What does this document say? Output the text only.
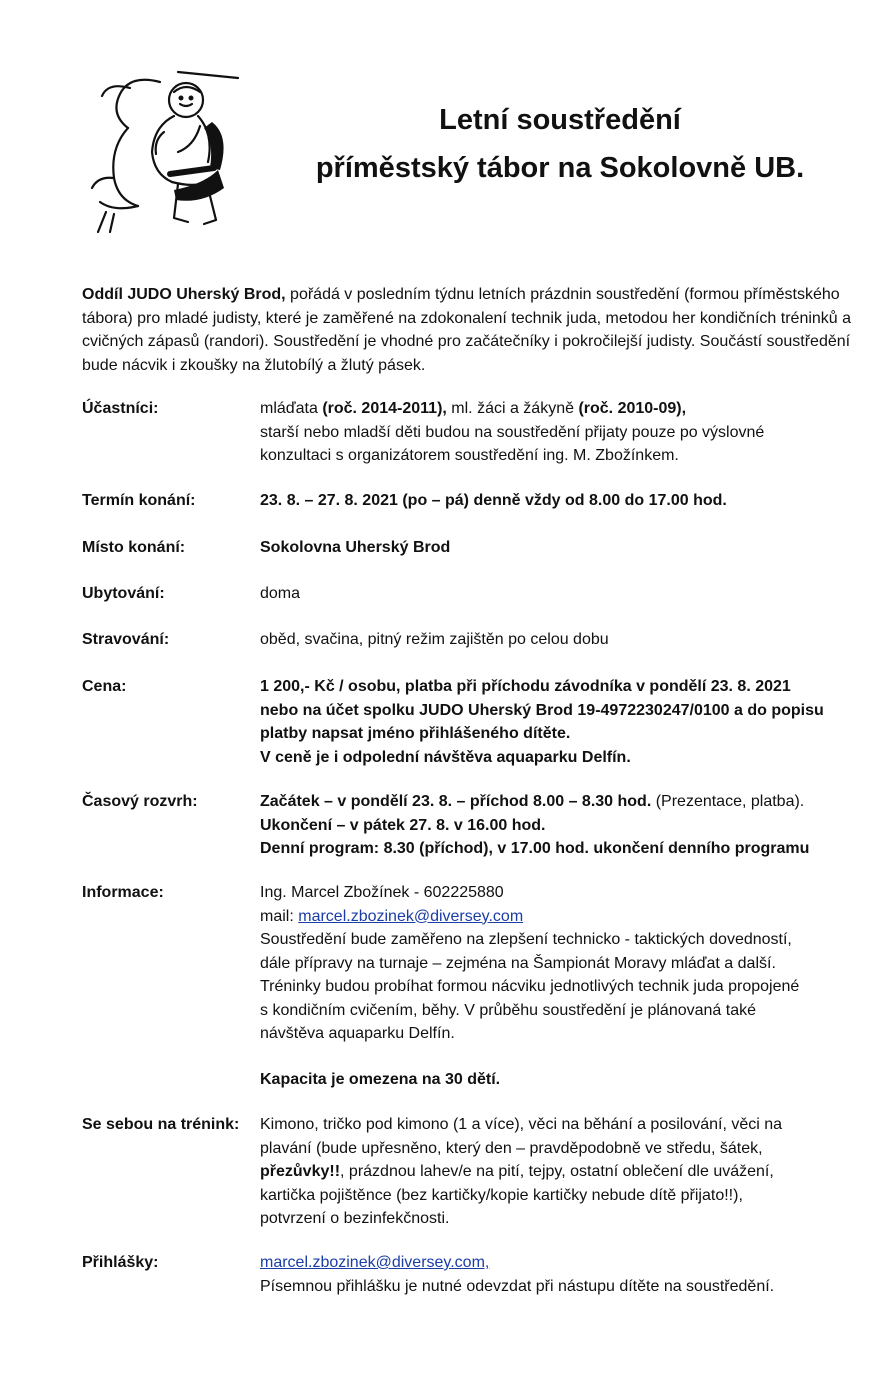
Letní soustředění
příměstský tábor na Sokolovně UB.

Oddíl JUDO Uherský Brod, pořádá v posledním týdnu letních prázdnin soustředění (formou příměstského tábora) pro mladé judisty, které je zaměřené na zdokonalení technik juda, metodou her kondičních tréninků a cvičných zápasů (randori). Soustředění je vhodné pro začátečníky i pokročilejší judisty. Součástí soustředění bude nácvik i zkoušky na žlutobílý a žlutý pásek.

Účastníci:	mláďata (roč. 2014-2011), ml. žáci a žákyně (roč. 2010-09),

starší nebo mladší děti budou na soustředění přijaty pouze po výslovné

konzultaci s organizátorem soustředění ing. M. Zbožínkem.

Termín konání:	23. 8. – 27. 8. 2021 (po – pá) denně vždy od 8.00 do 17.00 hod.

Místo konání:	Sokolovna Uherský Brod

Ubytování:	doma

Stravování:	oběd, svačina, pitný režim zajištěn po celou dobu

Cena:	1 200,- Kč / osobu, platba při příchodu závodníka v pondělí 23. 8. 2021

nebo na účet spolku JUDO Uherský Brod 19-4972230247/0100 a do popisu

platby napsat jméno přihlášeného dítěte.

V ceně je i odpolední návštěva aquaparku Delfín.

Časový rozvrh:	Začátek – v pondělí 23. 8. – příchod 8.00 – 8.30 hod. (Prezentace, platba).

Ukončení – v pátek 27. 8. v 16.00 hod.

Denní program: 8.30 (příchod), v 17.00 hod. ukončení denního programu

Informace:	Ing. Marcel Zbožínek - 602225880

mail: marcel.zbozinek@diversey.com

Soustředění bude zaměřeno na zlepšení technicko - taktických dovedností,

dále přípravy na turnaje – zejména na Šampionát Moravy mláďat a další.

Tréninky budou probíhat formou nácviku jednotlivých technik juda propojené

s kondičním cvičením, běhy. V průběhu soustředění je plánovaná také

návštěva aquaparku Delfín.

Kapacita je omezena na 30 dětí.

Se sebou na trénink: Kimono, tričko pod kimono (1 a více), věci na běhání a posilování, věci na

plavání (bude upřesněno, který den – pravděpodobně ve středu, šátek,

přezůvky!!, prázdnou lahev/e na pití, tejpy, ostatní oblečení dle uvážení,

kartička pojištěnce (bez kartičky/kopie kartičky nebude dítě přijato!!),

potvrzení o bezinfekčnosti.

Přihlášky:	marcel.zbozinek@diversey.com,

Písemnou přihlášku je nutné odevzdat při nástupu dítěte na soustředění.
